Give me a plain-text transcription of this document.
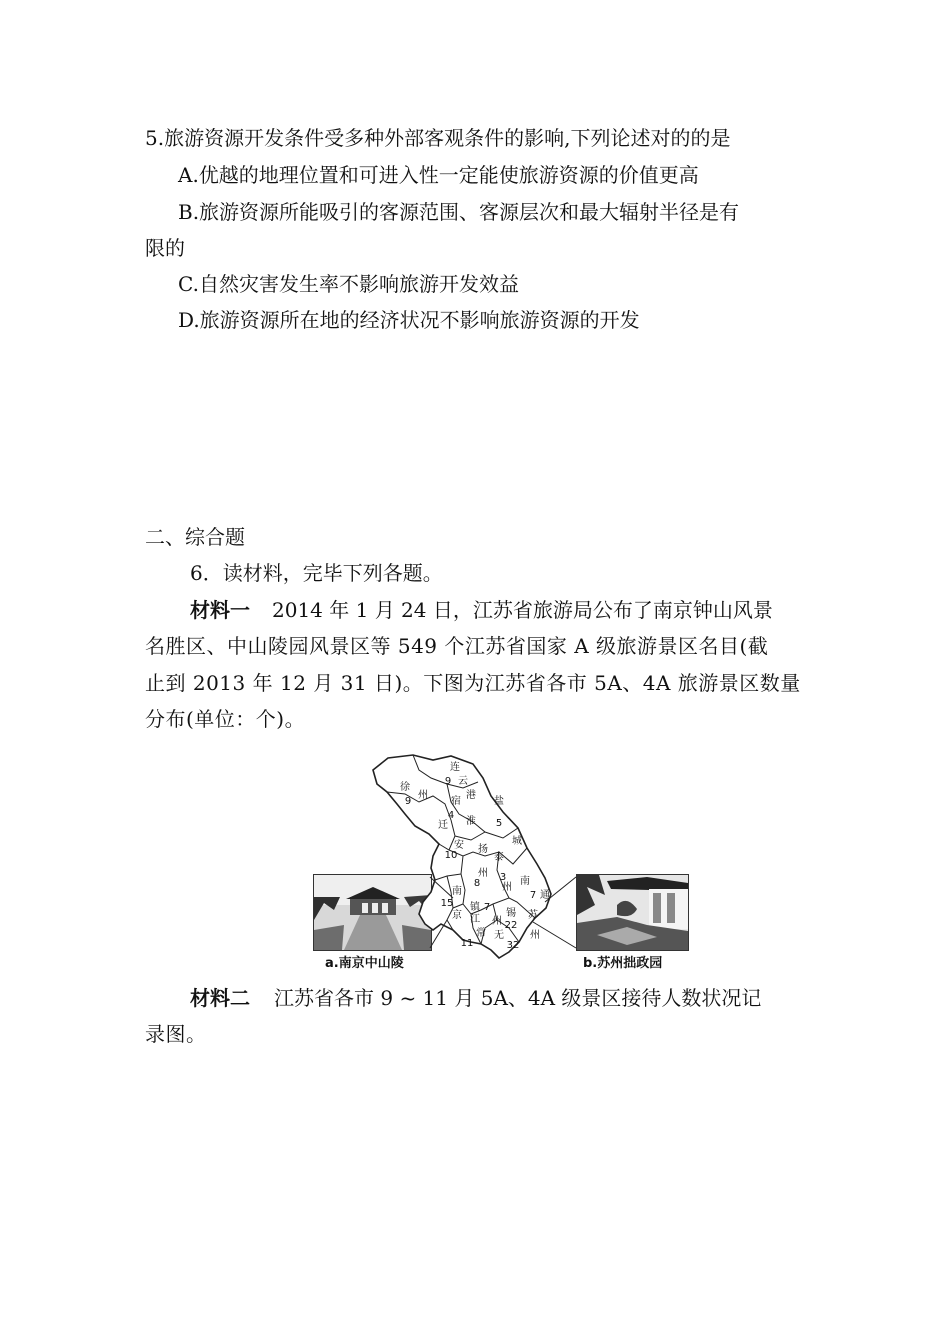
5.旅游资源开发条件受多种外部客观条件的影响,下列论述对的的是
A.优越的地理位置和可进入性一定能使旅游资源的价值更高
B.旅游资源所能吸引的客源范围、客源层次和最大辐射半径是有
限的
C.自然灾害发生率不影响旅游开发效益
D.旅游资源所在地的经济状况不影响旅游资源的开发
二、综合题
6．读材料，完毕下列各题。
材料一 2014 年 1 月 24 日，江苏省旅游局公布了南京钟山风景
名胜区、中山陵园风景区等 549 个江苏省国家 A 级旅游景区名目(截
止到 2013 年 12 月 31 日)。下图为江苏省各市 5A、4A 旅游景区数量
分布(单位：个)。
a.南京中山陵	b.苏州拙政园
连
9 云
港
徐
9
州
宿
4
迁
盐
5
城
淮
安
10
扬
州
8
泰
3
州
南
7 通
南
15
京
镇 7
江
常
11
州
锡
22
无
苏
32
州
材料二 江苏省各市 9 ~ 11 月 5A、4A 级景区接待人数状况记
录图。
